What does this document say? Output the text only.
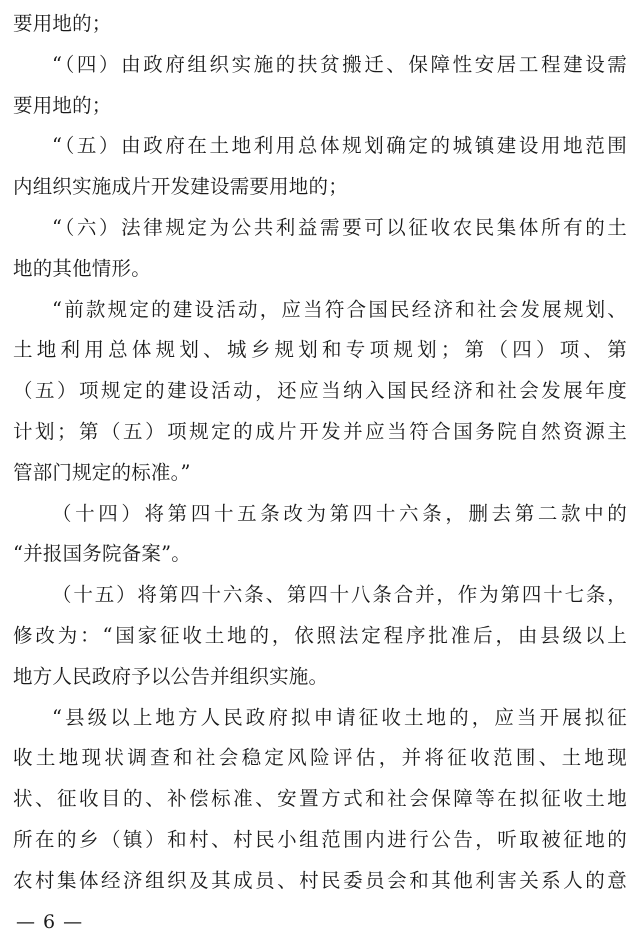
要用地的；
“（四）由政府组织实施的扶贫搬迁、保障性安居工程建设需
要用地的；
“（五）由政府在土地利用总体规划确定的城镇建设用地范围
内组织实施成片开发建设需要用地的；
“（六）法律规定为公共利益需要可以征收农民集体所有的土
地的其他情形。
“前款规定的建设活动，应当符合国民经济和社会发展规划、
土地利用总体规划、城乡规划和专项规划；第（四）项、第
（五）项规定的建设活动，还应当纳入国民经济和社会发展年度
计划；第（五）项规定的成片开发并应当符合国务院自然资源主
管部门规定的标准。”
（十四）将第四十五条改为第四十六条，删去第二款中的
“并报国务院备案”。
（十五）将第四十六条、第四十八条合并，作为第四十七条，
修改为：“国家征收土地的，依照法定程序批准后，由县级以上
地方人民政府予以公告并组织实施。
“县级以上地方人民政府拟申请征收土地的，应当开展拟征
收土地现状调查和社会稳定风险评估，并将征收范围、土地现
状、征收目的、补偿标准、安置方式和社会保障等在拟征收土地
所在的乡（镇）和村、村民小组范围内进行公告，听取被征地的
农村集体经济组织及其成员、村民委员会和其他利害关系人的意
— 6 —
